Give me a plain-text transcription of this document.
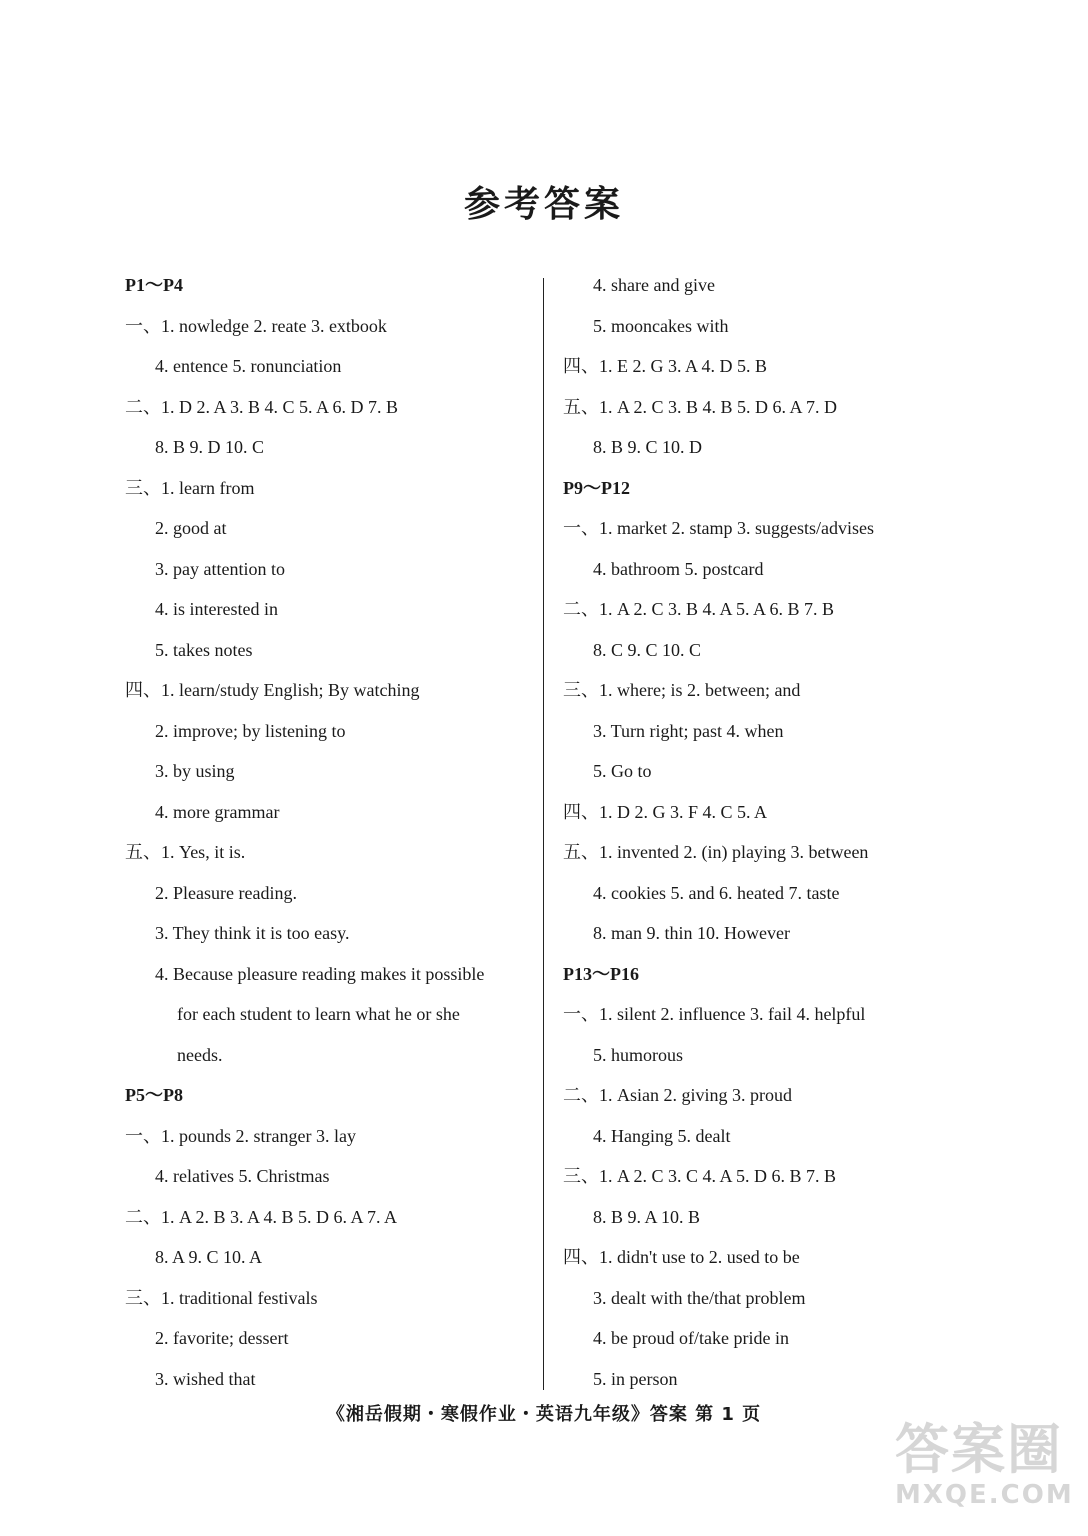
参考答案
P1～P4
一、1. nowledge 2. reate 3. extbook
4. entence 5. ronunciation
二、1. D 2. A 3. B 4. C 5. A 6. D 7. B
8. B 9. D 10. C
三、1. learn from
2. good at
3. pay attention to
4. is interested in
5. takes notes
四、1. learn/study English; By watching
2. improve; by listening to
3. by using
4. more grammar
五、1. Yes, it is.
2. Pleasure reading.
3. They think it is too easy.
4. Because pleasure reading makes it possible
for each student to learn what he or she
needs.
P5～P8
一、1. pounds 2. stranger 3. lay
4. relatives 5. Christmas
二、1. A 2. B 3. A 4. B 5. D 6. A 7. A
8. A 9. C 10. A
三、1. traditional festivals
2. favorite; dessert
3. wished that
4. share and give
5. mooncakes with
四、1. E 2. G 3. A 4. D 5. B
五、1. A 2. C 3. B 4. B 5. D 6. A 7. D
8. B 9. C 10. D
P9～P12
一、1. market 2. stamp 3. suggests/advises
4. bathroom 5. postcard
二、1. A 2. C 3. B 4. A 5. A 6. B 7. B
8. C 9. C 10. C
三、1. where; is 2. between; and
3. Turn right; past 4. when
5. Go to
四、1. D 2. G 3. F 4. C 5. A
五、1. invented 2. (in) playing 3. between
4. cookies 5. and 6. heated 7. taste
8. man 9. thin 10. However
P13～P16
一、1. silent 2. influence 3. fail 4. helpful
5. humorous
二、1. Asian 2. giving 3. proud
4. Hanging 5. dealt
三、1. A 2. C 3. C 4. A 5. D 6. B 7. B
8. B 9. A 10. B
四、1. didn't use to 2. used to be
3. dealt with the/that problem
4. be proud of/take pride in
5. in person
《湘岳假期・寒假作业・英语九年级》答案 第 1 页
答案圈
MXQE.COM
